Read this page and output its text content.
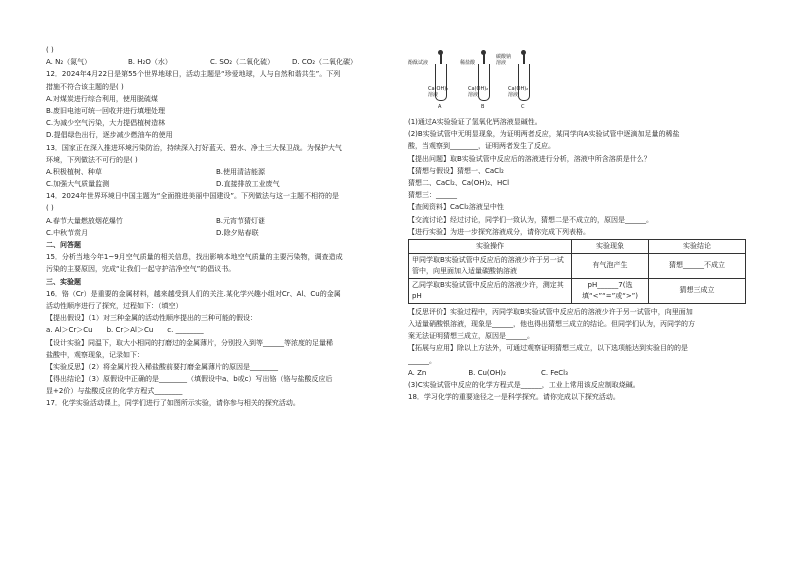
( )
A. N₂（氮气）	B. H₂O（水）	C. SO₂（二氧化硫）	D. CO₂（二氧化碳）
12．2024年4月22日是第55个世界地球日，活动主题是“珍爱地球，人与自然和谐共生”。下列
措施不符合该主题的是( )
A.对煤炭进行综合利用，使用脱硫煤
B.废旧电池可统一回收并进行填埋处理
C.为减少空气污染，大力提倡植树造林
D.提倡绿色出行，逐步减少燃油车的使用
13．国家正在深入推进环境污染防治，持续深入打好蓝天、碧水、净土三大保卫战。为保护大气
环境，下列做法不可行的是( )
A.积极植树、种草	B.使用清洁能源
C.加强大气质量监测	D.直接排放工业废气
14．2024年世界环境日中国主题为“全面推进美丽中国建设”。下列做法与这一主题不相符的是
( )
A.春节大量燃放烟花爆竹	B.元宵节猜灯谜
C.中秋节赏月	D.除夕贴春联
二、问答题
15．分析当地今年1~9月空气质量的相关信息，找出影响本地空气质量的主要污染物，调查造成
污染的主要原因，完成“让我们一起守护洁净空气”的倡议书。
三、实验题
16．铬（Cr）是重要的金属材料，越来越受到人们的关注.某化学兴趣小组对Cr、Al、Cu的金属
活动性顺序进行了探究，过程如下：（填空）
【提出假设】（1）对三种金属的活动性顺序提出的三种可能的假设：
a. Al＞Cr＞Cu　　b. Cr＞Al＞Cu　　c. ________
【设计实验】同温下，取大小相同的打磨过的金属薄片，分别投入到等______等浓度的足量稀
盐酸中，观察现象，记录如下：
【实验反思】（2）将金属片投入稀盐酸前要打磨金属薄片的原因是________
【得出结论】（3）原假设中正确的是________（填假设中a、b或c）写出铬（铬与盐酸反应后
显+2价）与盐酸反应的化学方程式________
17．化学实验活动课上，同学们进行了如图所示实验，请你参与相关的探究活动。
酚酞试液	稀盐酸
碳酸钠
溶液
Ca(OH)₂
溶液
Ca(OH)₂
溶液
Ca(OH)₂
溶液
A	B	C
(1)通过A实验验证了氢氧化钙溶液显碱性。
(2)B实验试管中无明显现象，为证明两者反应，某同学向A实验试管中逐滴加足量的稀盐
酸，当观察到________，证明两者发生了反应。
【提出问题】取B实验试管中反应后的溶液进行分析，溶液中所含溶质是什么？
【猜想与假设】猜想一、CaCl₂
猜想二、CaCl₂、Ca(OH)₂、HCl
猜想三：______
【查阅资料】CaCl₂溶液呈中性
【交流讨论】经过讨论，同学们一致认为，猜想二是不成立的，原因是______。
【进行实验】为进一步探究溶液成分，请你完成下列表格。
实验操作	实验现象	实验结论
甲同学取B实验试管中反应后的溶液少许于另一试管中，向里面加入适量碳酸钠溶液	有气泡产生	猜想______不成立
乙同学取B实验试管中反应后的溶液少许，测定其pH	pH______7(选填“<”“=”或“>”)	猜想三成立
【反思评价】实验过程中，丙同学取B实验试管中反应后的溶液少许于另一试管中，向里面加
入适量硝酸银溶液，现象是______，他也得出猜想三成立的结论。但同学们认为，丙同学的方
案无法证明猜想三成立，原因是______。
【拓展与应用】除以上方法外，可通过观察证明猜想三成立，以下选项能达到实验目的的是
______。
A. Zn　　　　　　B. Cu(OH)₂　　　　　C. FeCl₃
(3)C实验试管中反应的化学方程式是______，工业上常用该反应制取烧碱。
18．学习化学的重要途径之一是科学探究。请你完成以下探究活动。
